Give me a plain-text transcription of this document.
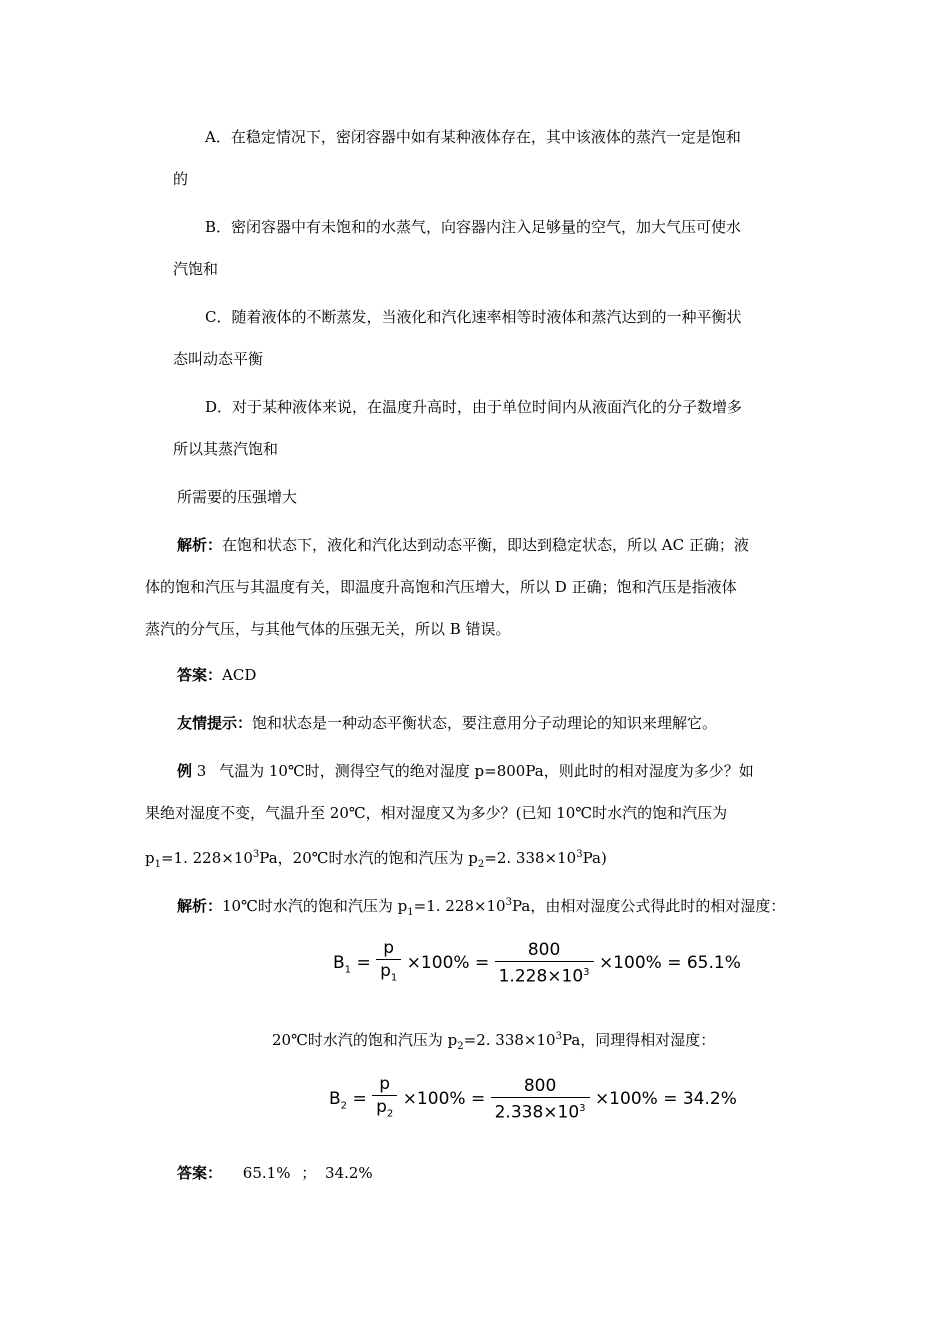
A．在稳定情况下，密闭容器中如有某种液体存在，其中该液体的蒸汽一定是饱和
的
B．密闭容器中有未饱和的水蒸气，向容器内注入足够量的空气，加大气压可使水
汽饱和
C．随着液体的不断蒸发，当液化和汽化速率相等时液体和蒸汽达到的一种平衡状
态叫动态平衡
D．对于某种液体来说，在温度升高时，由于单位时间内从液面汽化的分子数增多
所以其蒸汽饱和
所需要的压强增大
解析：在饱和状态下，液化和汽化达到动态平衡，即达到稳定状态，所以 AC 正确；液
体的饱和汽压与其温度有关，即温度升高饱和汽压增大，所以 D 正确；饱和汽压是指液体
蒸汽的分气压，与其他气体的压强无关，所以 B 错误。
答案：ACD
友情提示：饱和状态是一种动态平衡状态，要注意用分子动理论的知识来理解它。
例 3 气温为 10℃时，测得空气的绝对湿度 p=800Pa，则此时的相对湿度为多少？如
果绝对湿度不变，气温升至 20℃，相对湿度又为多少？(已知 10℃时水汽的饱和汽压为
$p_1=1$. $228\times 10^3Pa$，20℃时水汽的饱和汽压为 $p_2=2$. $338\times 10^3Pa$)
解析：10℃时水汽的饱和汽压为 $p_1=1$. $228\times 10^3Pa$，由相对湿度公式得此时的相对湿度：
$B_1 = \frac{p}{p_1} \times 100\% = \frac{800}{1.228\times 10^3} \times 100\% = 65.1\%$
20℃时水汽的饱和汽压为 $p_2=2$. $338\times 10^3Pa$，同理得相对湿度：
$B_2 = \frac{p}{p_2} \times 100\% = \frac{800}{2.338\times 10^3} \times 100\% = 34.2\%$
答案： 65.1% ； 34.2%
